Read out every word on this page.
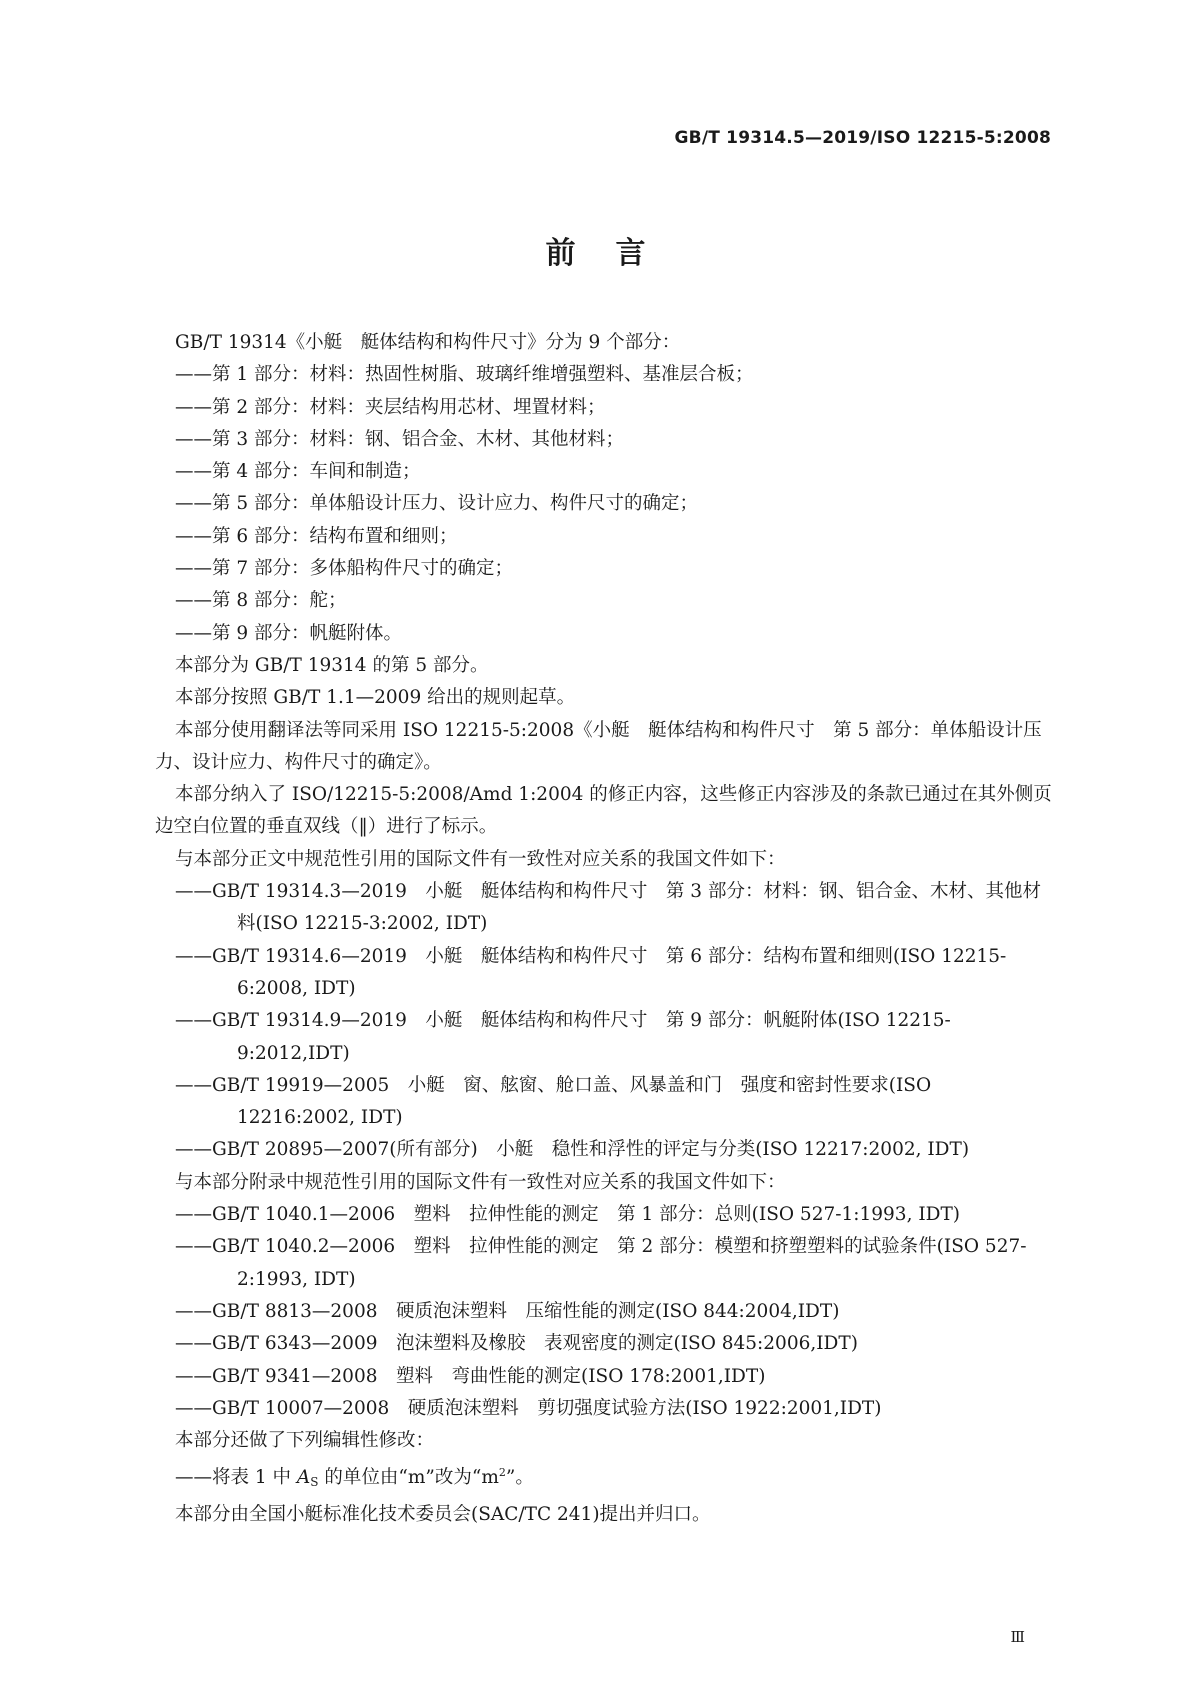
GB/T 19314.5—2019/ISO 12215-5:2008
前言

GB/T 19314《小艇　艇体结构和构件尺寸》分为 9 个部分：

——第 1 部分：材料：热固性树脂、玻璃纤维增强塑料、基准层合板；

——第 2 部分：材料：夹层结构用芯材、埋置材料；

——第 3 部分：材料：钢、铝合金、木材、其他材料；

——第 4 部分：车间和制造；

——第 5 部分：单体船设计压力、设计应力、构件尺寸的确定；

——第 6 部分：结构布置和细则；

——第 7 部分：多体船构件尺寸的确定；

——第 8 部分：舵；

——第 9 部分：帆艇附体。

本部分为 GB/T 19314 的第 5 部分。

本部分按照 GB/T 1.1—2009 给出的规则起草。

本部分使用翻译法等同采用 ISO 12215-5:2008《小艇　艇体结构和构件尺寸　第 5 部分：单体船设计压力、设计应力、构件尺寸的确定》。

本部分纳入了 ISO/12215-5:2008/Amd 1:2004 的修正内容，这些修正内容涉及的条款已通过在其外侧页边空白位置的垂直双线（‖）进行了标示。

与本部分正文中规范性引用的国际文件有一致性对应关系的我国文件如下：

——GB/T 19314.3—2019　小艇　艇体结构和构件尺寸　第 3 部分：材料：钢、铝合金、木材、其他材料(ISO 12215-3:2002, IDT)

——GB/T 19314.6—2019　小艇　艇体结构和构件尺寸　第 6 部分：结构布置和细则(ISO 12215-6:2008, IDT)

——GB/T 19314.9—2019　小艇　艇体结构和构件尺寸　第 9 部分：帆艇附体(ISO 12215-9:2012,IDT)

——GB/T 19919—2005　小艇　窗、舷窗、舱口盖、风暴盖和门　强度和密封性要求(ISO 12216:2002, IDT)

——GB/T 20895—2007(所有部分)　小艇　稳性和浮性的评定与分类(ISO 12217:2002, IDT)

与本部分附录中规范性引用的国际文件有一致性对应关系的我国文件如下：

——GB/T 1040.1—2006　塑料　拉伸性能的测定　第 1 部分：总则(ISO 527-1:1993, IDT)

——GB/T 1040.2—2006　塑料　拉伸性能的测定　第 2 部分：模塑和挤塑塑料的试验条件(ISO 527-2:1993, IDT)

——GB/T 8813—2008　硬质泡沫塑料　压缩性能的测定(ISO 844:2004,IDT)

——GB/T 6343—2009　泡沫塑料及橡胶　表观密度的测定(ISO 845:2006,IDT)

——GB/T 9341—2008　塑料　弯曲性能的测定(ISO 178:2001,IDT)

——GB/T 10007—2008　硬质泡沫塑料　剪切强度试验方法(ISO 1922:2001,IDT)

本部分还做了下列编辑性修改：

——将表 1 中 $A_S$ 的单位由“m”改为“$m^2$”。

本部分由全国小艇标准化技术委员会(SAC/TC 241)提出并归口。

Ⅲ
